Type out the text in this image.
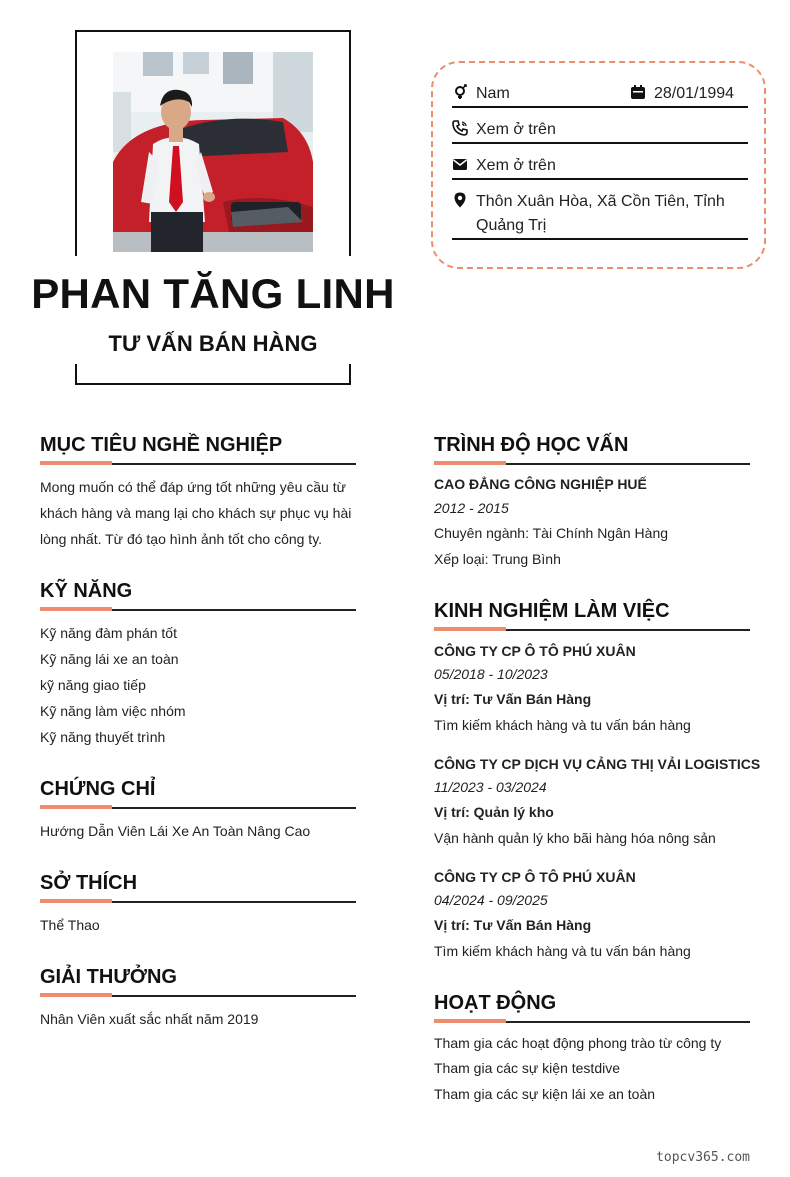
PHAN TĂNG LINH
TƯ VẤN BÁN HÀNG
Nam	28/01/1994
Xem ở trên
Xem ở trên
Thôn Xuân Hòa, Xã Cồn Tiên, Tỉnh
Quảng Trị
MỤC TIÊU NGHỀ NGHIỆP
Mong muốn có thể đáp ứng tốt những yêu cầu từ
khách hàng và mang lại cho khách sự phục vụ hài
lòng nhất. Từ đó tạo hình ảnh tốt cho công ty.
KỸ NĂNG
Kỹ năng đàm phán tốt
Kỹ năng lái xe an toàn
kỹ năng giao tiếp
Kỹ năng làm việc nhóm
Kỹ năng thuyết trình
CHỨNG CHỈ
Hướng Dẫn Viên Lái Xe An Toàn Nâng Cao
SỞ THÍCH
Thể Thao
GIẢI THƯỞNG
Nhân Viên xuất sắc nhất năm 2019
TRÌNH ĐỘ HỌC VẤN
CAO ĐẲNG CÔNG NGHIỆP HUẾ
2012 - 2015
Chuyên ngành: Tài Chính Ngân Hàng
Xếp loại: Trung Bình
KINH NGHIỆM LÀM VIỆC
CÔNG TY CP Ô TÔ PHÚ XUÂN
05/2018 - 10/2023
Vị trí: Tư Vấn Bán Hàng
Tìm kiếm khách hàng và tu vấn bán hàng
CÔNG TY CP DỊCH VỤ CẢNG THỊ VẢI LOGISTICS
11/2023 - 03/2024
Vị trí: Quản lý kho
Vận hành quản lý kho bãi hàng hóa nông sản
CÔNG TY CP Ô TÔ PHÚ XUÂN
04/2024 - 09/2025
Vị trí: Tư Vấn Bán Hàng
Tìm kiếm khách hàng và tu vấn bán hàng
HOẠT ĐỘNG
Tham gia các hoạt động phong trào từ công ty
Tham gia các sự kiện testdive
Tham gia các sự kiện lái xe an toàn
topcv365.com
